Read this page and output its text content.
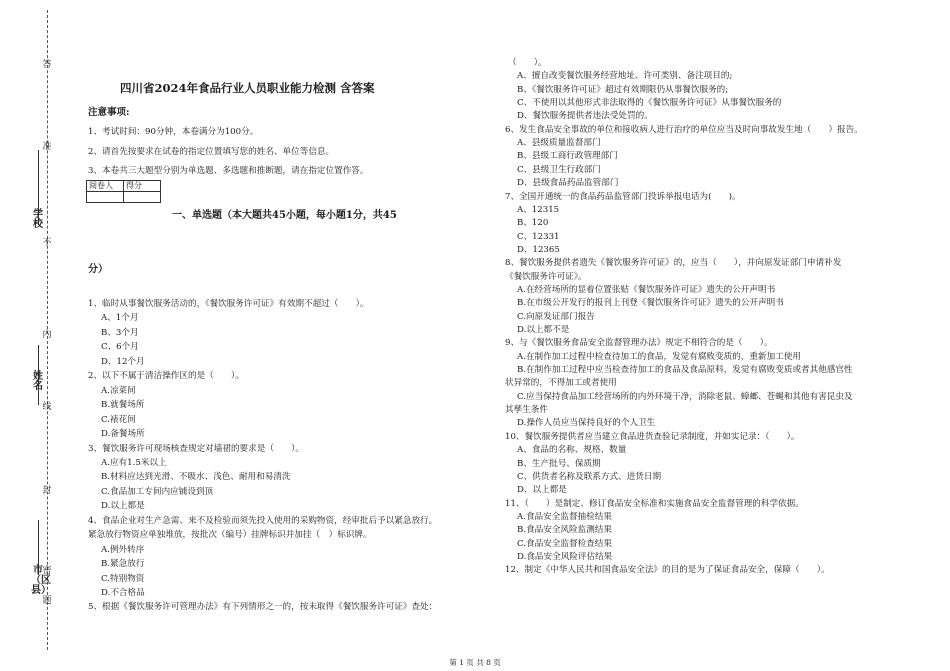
答
准
不
内
线
封
密
学校
姓名
市（区县）
题
四川省2024年食品行业人员职业能力检测 含答案
注意事项:
1、考试时间：90分钟，本卷满分为100分。
2、请首先按要求在试卷的指定位置填写您的姓名、单位等信息。
3、本卷共三大题型分别为单选题、多选题和推断题，请在指定位置作答。
阅卷人	得分

一、单选题（本大题共45小题，每小题1分，共45
分）
1、临时从事餐饮服务活动的，《餐饮服务许可证》有效期不超过（　　）。
A、1个月
B、3个月
C、6个月
D、12个月
2、以下不属于清洁操作区的是（　　）。
A.凉菜间
B.就餐场所
C.裱花间
D.备餐场所
3、餐饮服务许可现场核查规定对墙裙的要求是（　　）。
A.应有1.5米以上
B.材料应达到光滑、不吸水、浅色、耐用和易清洗
C.食品加工专间内应铺设到顶
D.以上都是
4、食品企业对生产急需、来不及检验而须先投入使用的采购物资，经审批后予以紧急放行。
紧急放行物资应单独堆放，按批次（编号）挂牌标识并加挂（　）标识牌。
A.例外转序
B.紧急放行
C.特别物资
D.不合格品
5、根据《餐饮服务许可管理办法》有下列情形之一的，按未取得《餐饮服务许可证》查处：
（　　）。
A、擅自改变餐饮服务经营地址、许可类别、备注项目的;
B、《餐饮服务许可证》超过有效期限仍从事餐饮服务的;
C、不使用以其他形式非法取得的《餐饮服务许可证》从事餐饮服务的
D、餐饮服务提供者违法受处罚的。
6、发生食品安全事故的单位和接收病人进行治疗的单位应当及时向事故发生地（　　）报告。
A、县级质量监督部门
B、县级工商行政管理部门
C、县级卫生行政部门
D、县级食品药品监管部门
7、全国开通统一的食品药品监管部门投诉举报电话为(　　)。
A、12315
B、120
C、12331
D、12365
8、餐饮服务提供者遗失《餐饮服务许可证》的，应当（　　），并向原发证部门申请补发
《餐饮服务许可证》。
A.在经营场所的显着位置张贴《餐饮服务许可证》遗失的公开声明书
B.在市级公开发行的报刊上刊登《餐饮服务许可证》遗失的公开声明书
C.向原发证部门报告
D.以上都不是
9、与《餐饮服务食品安全监督管理办法》规定不相符合的是（　　）。
A.在制作加工过程中检查待加工的食品，发觉有腐败变质的，重新加工使用
B.在制作加工过程中应当检查待加工的食品及食品原料，发觉有腐败变质或者其他感官性
状异常的，不得加工或者使用
C.应当保持食品加工经营场所的内外环境干净，消除老鼠、蟑螂、苍蝇和其他有害昆虫及
其孳生条件
D.操作人员应当保持良好的个人卫生
10、餐饮服务提供者应当建立食品进货查验记录制度，并如实记录：（　　）。
A、食品的名称、规格、数量
B、生产批号、保质期
C、供货者名称及联系方式、进货日期
D、以上都是
11、（　　）是制定、修订食品安全标准和实施食品安全监督管理的科学依据。
A.食品安全监督抽检结果
B.食品安全风险监测结果
C.食品安全监督检查结果
D.食品安全风险评估结果
12、制定《中华人民共和国食品安全法》的目的是为了保证食品安全，保障（　　）。
第 1 页 共 8 页
